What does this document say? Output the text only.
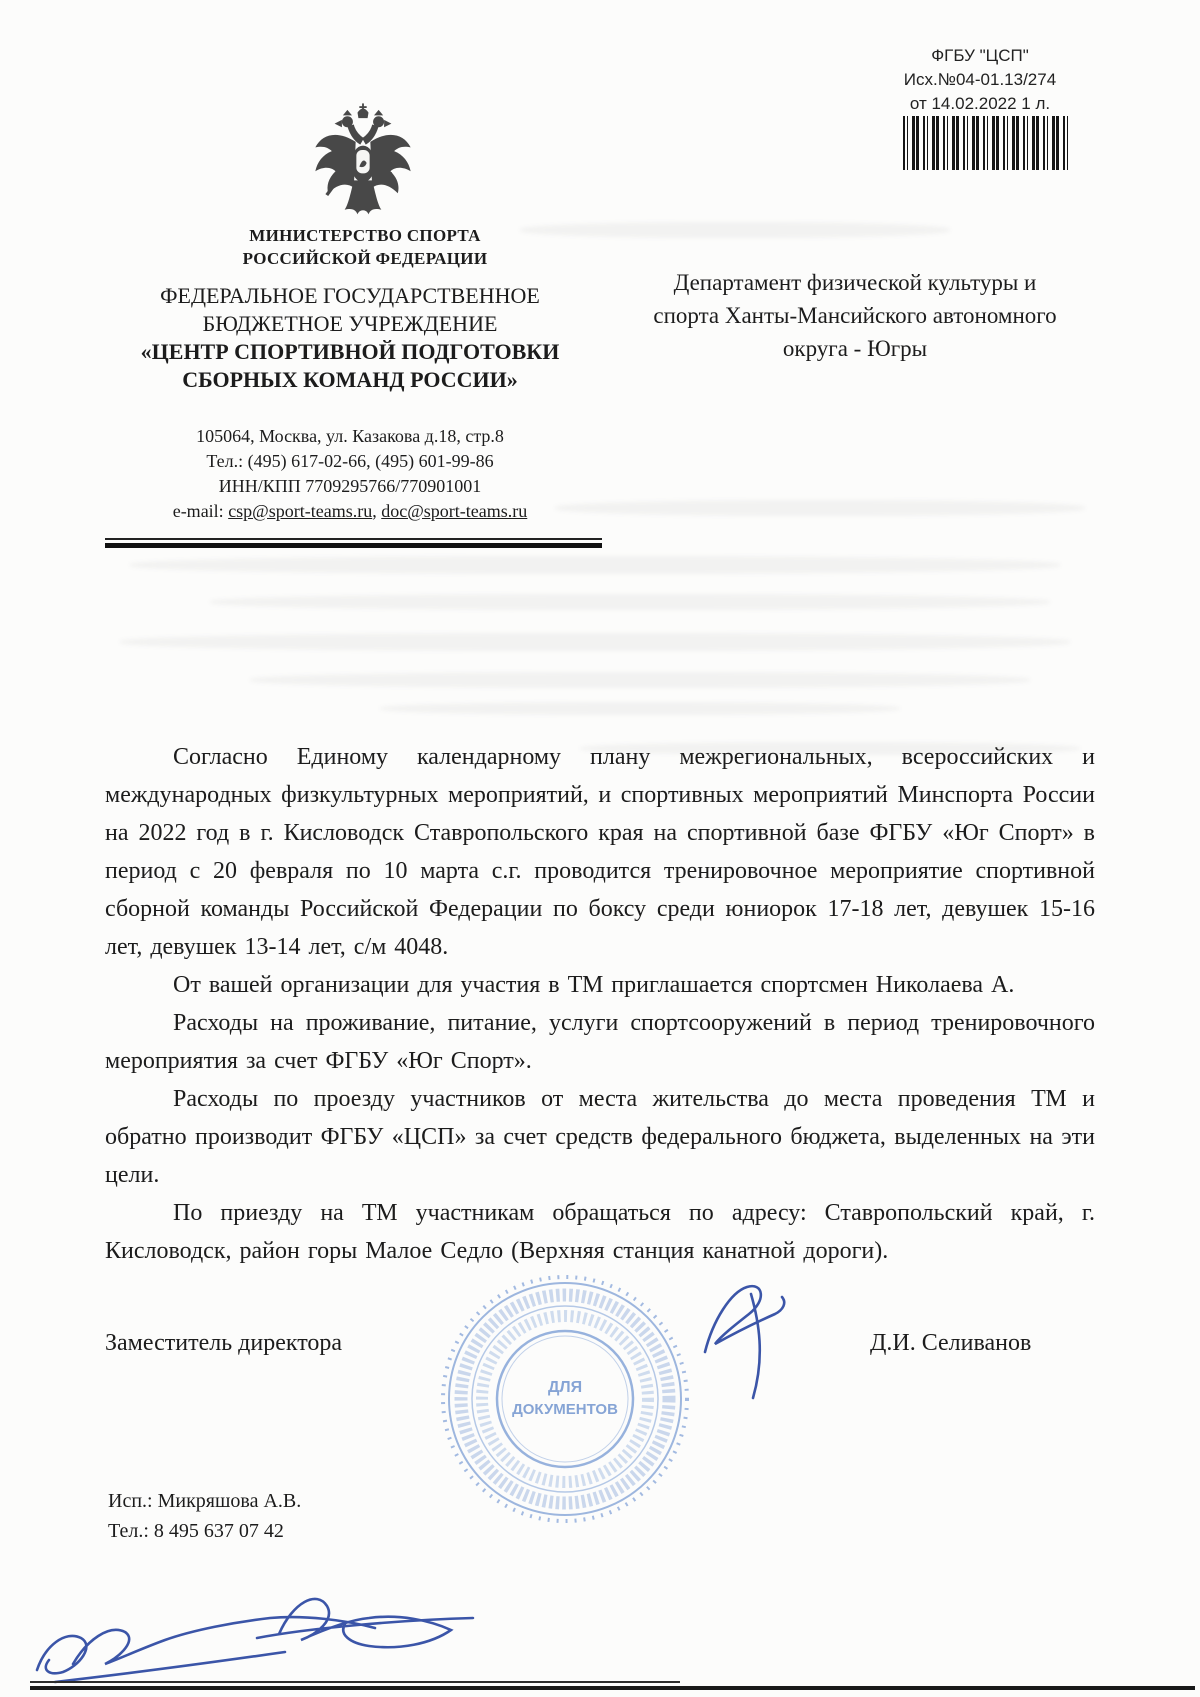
ФГБУ "ЦСП"
Исх.№04-01.13/274
от 14.02.2022 1 л.
МИНИСТЕРСТВО СПОРТА
РОССИЙСКОЙ ФЕДЕРАЦИИ
ФЕДЕРАЛЬНОЕ ГОСУДАРСТВЕННОЕ
БЮДЖЕТНОЕ УЧРЕЖДЕНИЕ
«ЦЕНТР СПОРТИВНОЙ ПОДГОТОВКИ
СБОРНЫХ КОМАНД РОССИИ»
105064, Москва, ул. Казакова д.18, стр.8
Тел.: (495) 617-02-66, (495) 601-99-86
ИНН/КПП 7709295766/770901001
e-mail: csp@sport-teams.ru, doc@sport-teams.ru
Департамент физической культуры и
спорта Ханты-Мансийского автономного
округа - Югры

Согласно Единому календарному плану межрегиональных, всероссийских и международных физкультурных мероприятий, и спортивных мероприятий Минспорта России на 2022 год в г. Кисловодск Ставропольского края на спортивной базе ФГБУ «Юг Спорт» в период с 20 февраля по 10 марта с.г. проводится тренировочное мероприятие спортивной сборной команды Российской Федерации по боксу среди юниорок 17-18 лет, девушек 15-16 лет, девушек 13-14 лет, с/м 4048.

От вашей организации для участия в ТМ приглашается спортсмен Николаева А.

Расходы на проживание, питание, услуги спортсооружений в период тренировочного мероприятия за счет ФГБУ «Юг Спорт».

Расходы по проезду участников от места жительства до места проведения ТМ и обратно производит ФГБУ «ЦСП» за счет средств федерального бюджета, выделенных на эти цели.

По приезду на ТМ участникам обращаться по адресу: Ставропольский край, г. Кисловодск, район горы Малое Седло (Верхняя станция канатной дороги).

Заместитель директора	Д.И. Селиванов
ДЛЯ
ДОКУМЕНТОВ
Исп.: Микряшова А.В.
Тел.: 8 495 637 07 42
